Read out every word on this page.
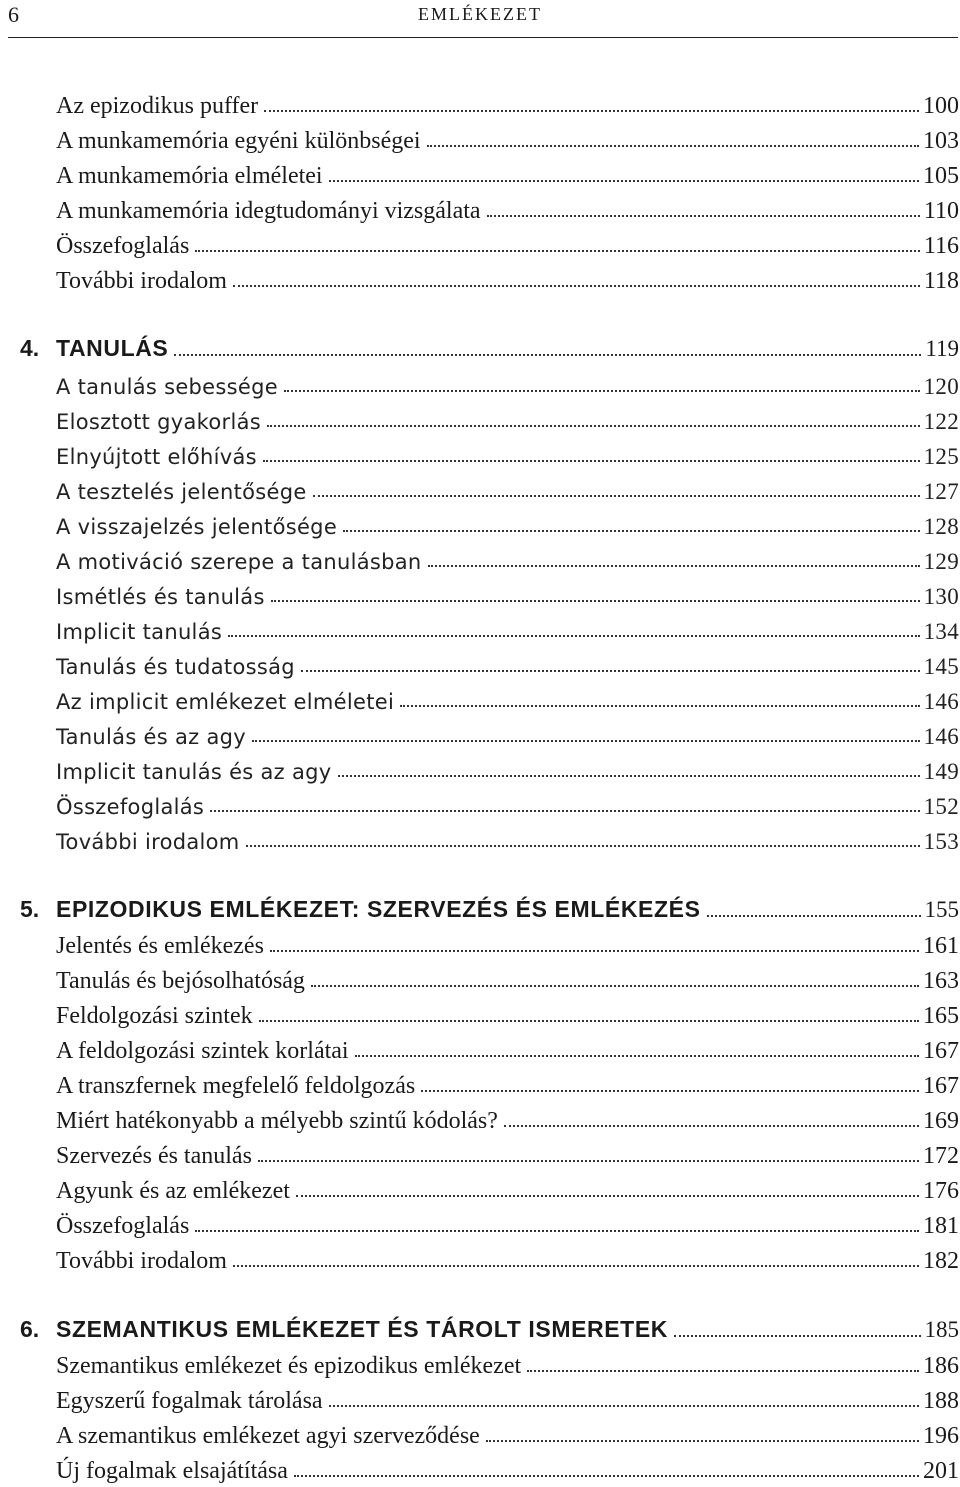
6	EMLÉKEZET
Az epizodikus puffer	100
A munkamemória egyéni különbségei	103
A munkamemória elméletei	105
A munkamemória idegtudományi vizsgálata	110
Összefoglalás	116
További irodalom	118
4. TANULÁS	119
A tanulás sebessége	120
Elosztott gyakorlás	122
Elnyújtott előhívás	125
A tesztelés jelentősége	127
A visszajelzés jelentősége	128
A motiváció szerepe a tanulásban	129
Ismétlés és tanulás	130
Implicit tanulás	134
Tanulás és tudatosság	145
Az implicit emlékezet elméletei	146
Tanulás és az agy	146
Implicit tanulás és az agy	149
Összefoglalás	152
További irodalom	153
5. EPIZODIKUS EMLÉKEZET: SZERVEZÉS ÉS EMLÉKEZÉS	155
Jelentés és emlékezés	161
Tanulás és bejósolhatóság	163
Feldolgozási szintek	165
A feldolgozási szintek korlátai	167
A transzfernek megfelelő feldolgozás	167
Miért hatékonyabb a mélyebb szintű kódolás?	169
Szervezés és tanulás	172
Agyunk és az emlékezet	176
Összefoglalás	181
További irodalom	182
6. SZEMANTIKUS EMLÉKEZET ÉS TÁROLT ISMERETEK	185
Szemantikus emlékezet és epizodikus emlékezet	186
Egyszerű fogalmak tárolása	188
A szemantikus emlékezet agyi szerveződése	196
Új fogalmak elsajátítása	201
